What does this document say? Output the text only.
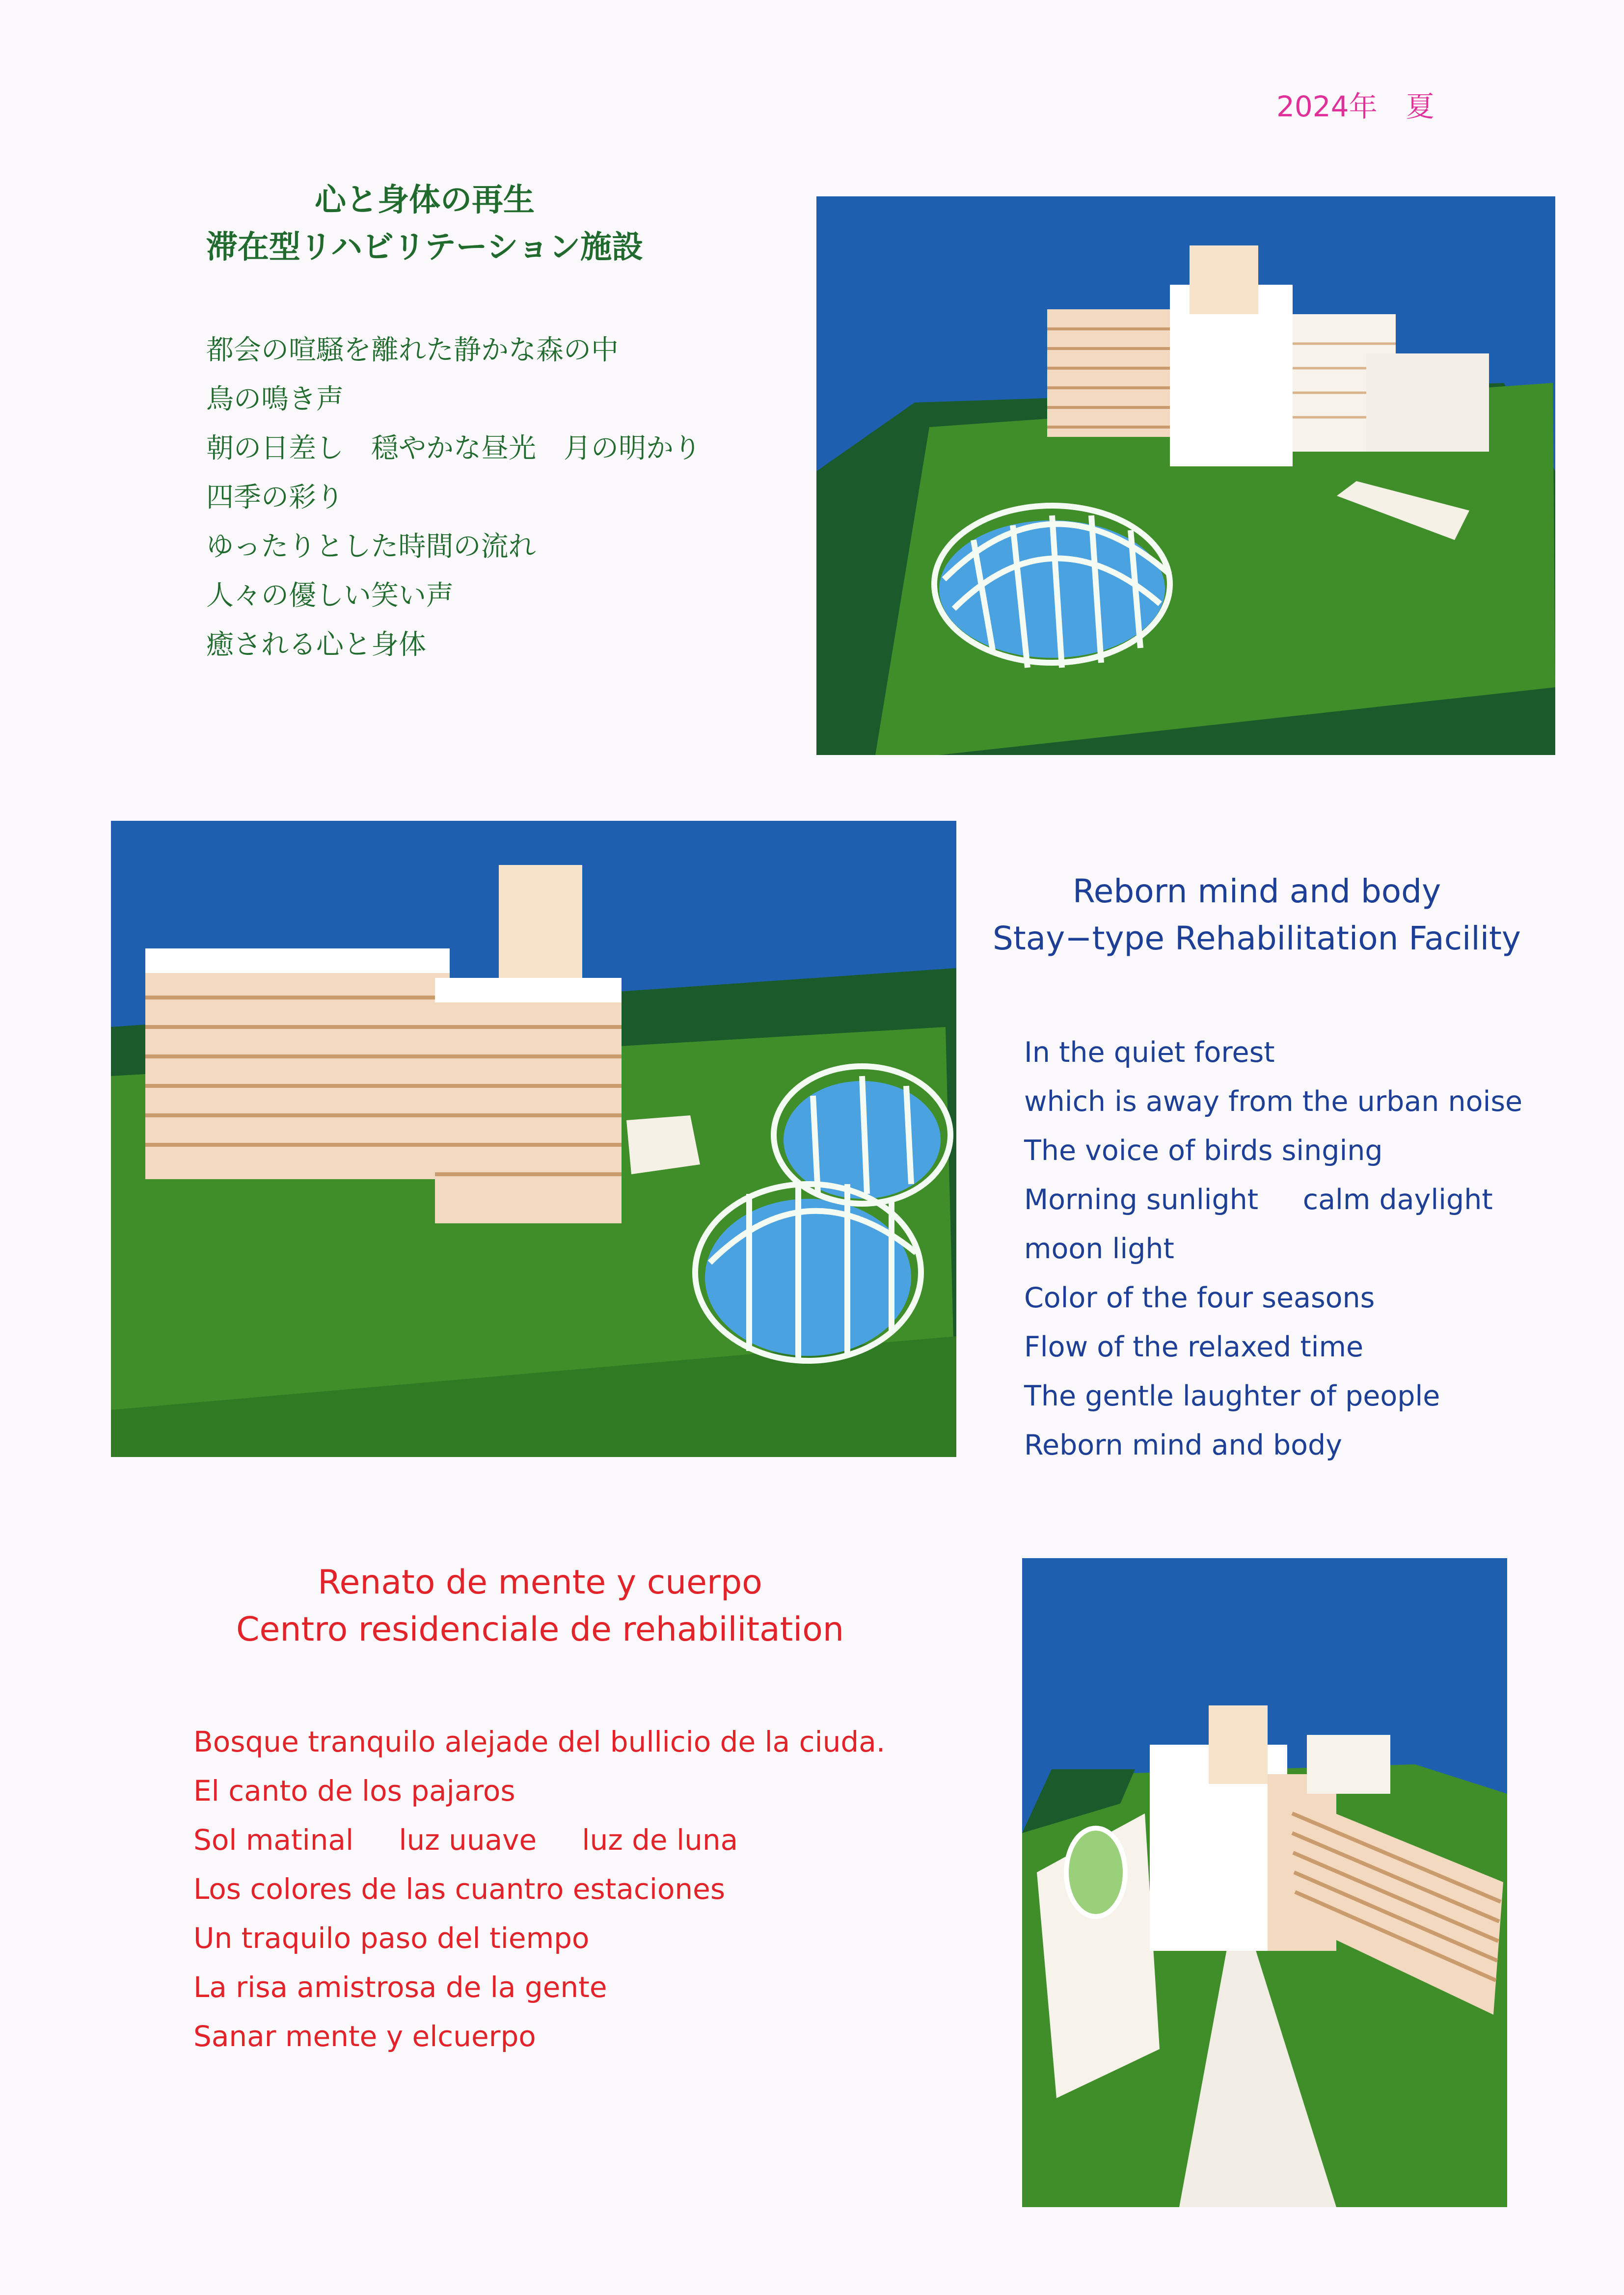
2024年　夏
心と身体の再生
滞在型リハビリテーション施設
都会の喧騒を離れた静かな森の中
鳥の鳴き声
朝の日差し　穏やかな昼光　月の明かり
四季の彩り
ゆったりとした時間の流れ
人々の優しい笑い声
癒される心と身体
Reborn mind and body
Stay−type Rehabilitation Facility
In the quiet forest
which is away from the urban noise
The voice of birds singing
Morning sunlight     calm daylight
moon light
Color of the four seasons
Flow of the relaxed time
The gentle laughter of people
Reborn mind and body
Renato de mente y cuerpo
Centro residenciale de rehabilitation
Bosque tranquilo alejade del bullicio de la ciuda.
El canto de los pajaros
Sol matinal     luz uuave     luz de luna
Los colores de las cuantro estaciones
Un traquilo paso del tiempo
La risa amistrosa de la gente
Sanar mente y elcuerpo
